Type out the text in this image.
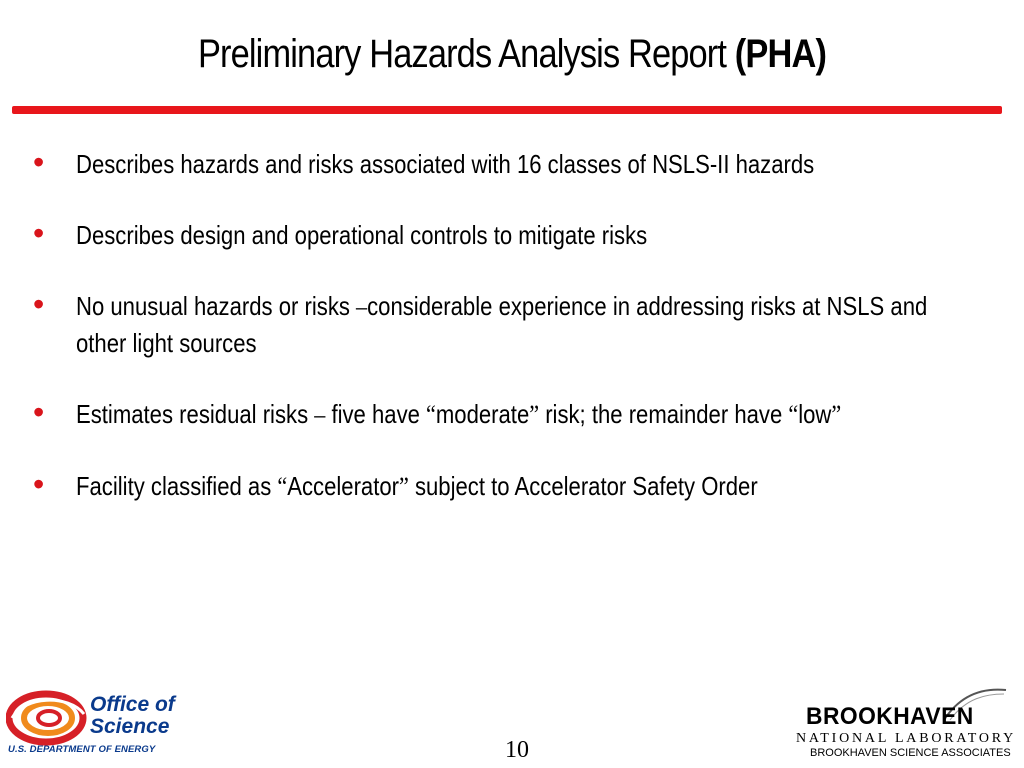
Preliminary Hazards Analysis Report (PHA)
• Describes hazards and risks associated with 16 classes of NSLS-II hazards
• Describes design and operational controls to mitigate risks
• No unusual hazards or risks –considerable experience in addressing risks at NSLS and other light sources
• Estimates residual risks – five have “moderate” risk; the remainder have “low”
• Facility classified as “Accelerator” subject to Accelerator Safety Order
Office of
Science
U.S. DEPARTMENT OF ENERGY	10
BROOKHAVEN
NATIONAL LABORATORY
BROOKHAVEN SCIENCE ASSOCIATES
